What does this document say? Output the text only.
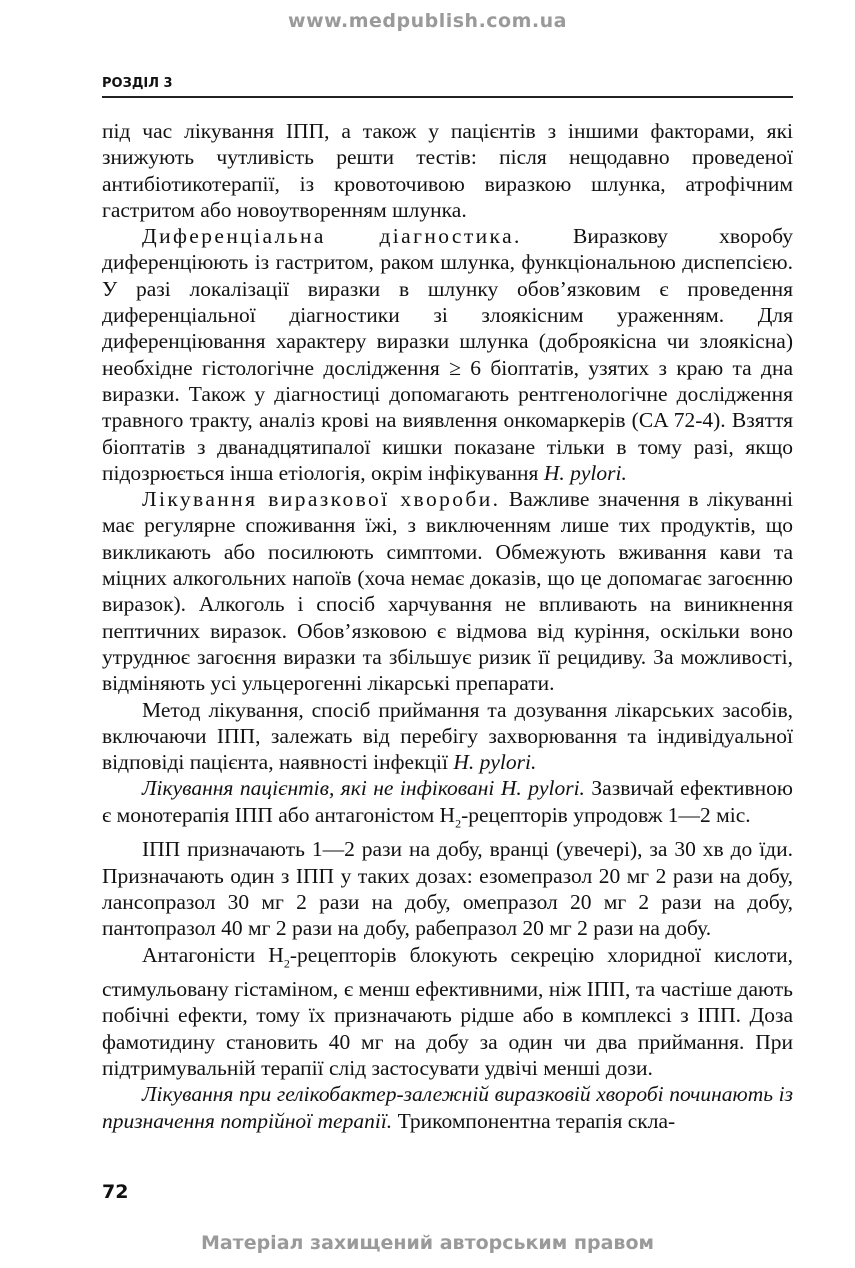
www.medpublish.com.ua
РОЗДІЛ 3

під час лікування ІПП, а також у пацієнтів з іншими факторами, які знижують чутливість решти тестів: після нещодавно проведеної антибіотикотерапії, із кровоточивою виразкою шлунка, атрофічним гастритом або новоутворенням шлунка.

Диференціальна діагностика. Виразкову хворобу диференціюють із гастритом, раком шлунка, функціональною диспепсією. У разі локалізації виразки в шлунку обов’язковим є проведення диференціальної діагностики зі злоякісним ураженням. Для диференціювання характеру виразки шлунка (доброякісна чи злоякісна) необхідне гістологічне дослідження ≥ 6 біоптатів, узятих з краю та дна виразки. Також у діагностиці допомагають рентгенологічне дослідження травного тракту, аналіз крові на виявлення онкомаркерів (CA 72-4). Взяття біоптатів з дванадцятипалої кишки показане тільки в тому разі, якщо підозрюється інша етіологія, окрім інфікування H. pylori.

Лікування виразкової хвороби. Важливе значення в лікуванні має регулярне споживання їжі, з виключенням лише тих продуктів, що викликають або посилюють симптоми. Обмежують вживання кави та міцних алкогольних напоїв (хоча немає доказів, що це допомагає загоєнню виразок). Алкоголь і спосіб харчування не впливають на виникнення пептичних виразок. Обов’язковою є відмова від куріння, оскільки воно утруднює загоєння виразки та збільшує ризик її рецидиву. За можливості, відміняють усі ульцерогенні лікарські препарати.

Метод лікування, спосіб приймання та дозування лікарських засобів, включаючи ІПП, залежать від перебігу захворювання та індивідуальної відповіді пацієнта, наявності інфекції H. pylori.

Лікування пацієнтів, які не інфіковані H. pylori. Зазвичай ефективною є монотерапія ІПП або антагоністом $Н_2$-рецепторів упродовж 1—2 міс.

ІПП призначають 1—2 рази на добу, вранці (увечері), за 30 хв до їди. Призначають один з ІПП у таких дозах: езомепразол 20 мг 2 рази на добу, лансопразол 30 мг 2 рази на добу, омепразол 20 мг 2 рази на добу, пантопразол 40 мг 2 рази на добу, рабепразол 20 мг 2 рази на добу.

Антагоністи $Н_2$-рецепторів блокують секрецію хлоридної кислоти, стимульовану гістаміном, є менш ефективними, ніж ІПП, та частіше дають побічні ефекти, тому їх призначають рідше або в комплексі з ІПП. Доза фамотидину становить 40 мг на добу за один чи два приймання. При підтримувальній терапії слід застосувати удвічі менші дози.

Лікування при гелікобактер-залежній виразковій хворобі починають із призначення потрійної терапії. Трикомпонентна терапія скла-

72
Матеріал захищений авторським правом
